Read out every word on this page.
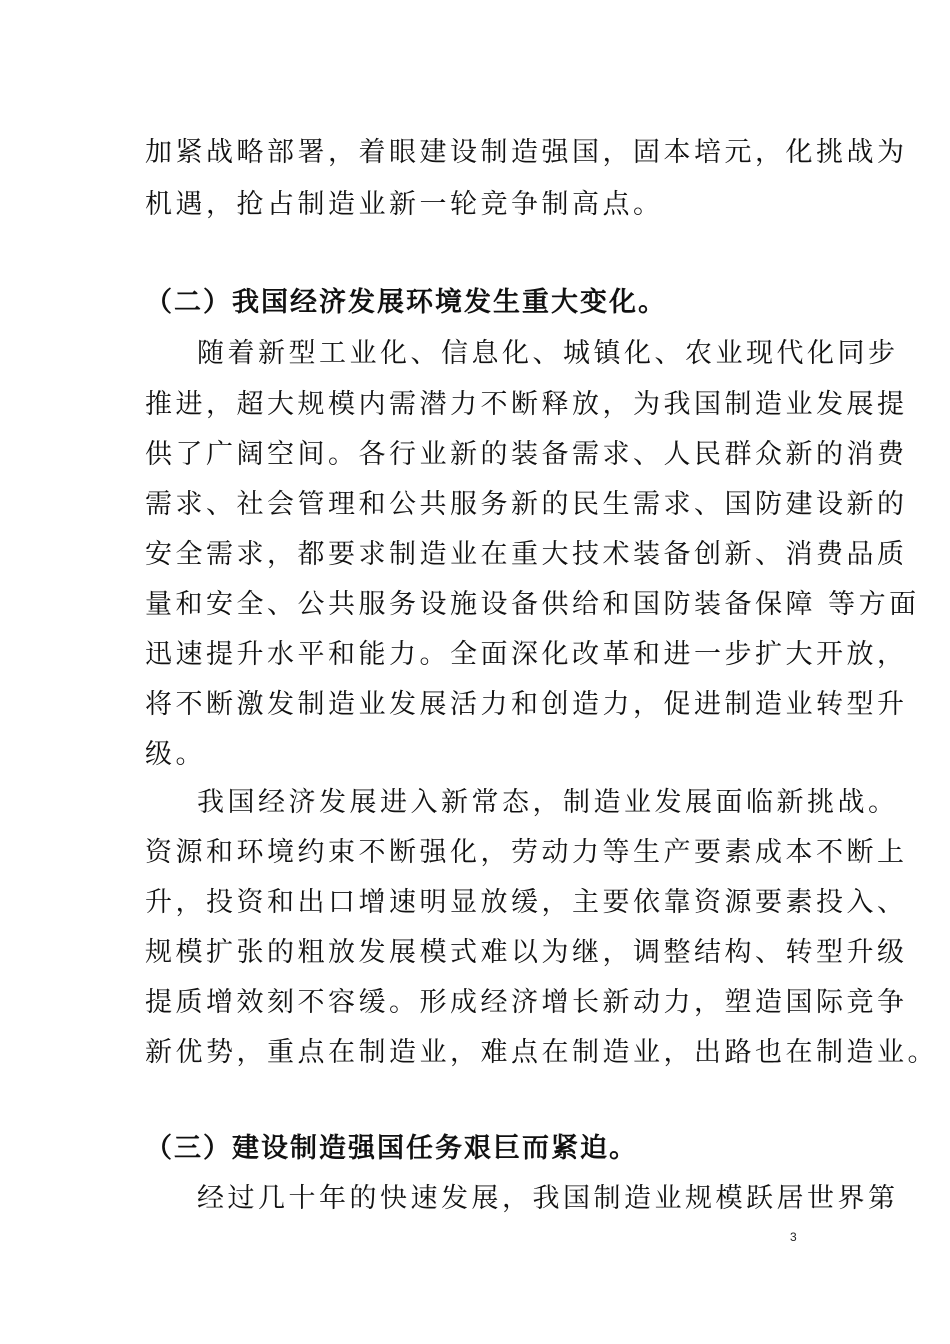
加紧战略部署，着眼建设制造强国，固本培元，化挑战为
机遇，抢占制造业新一轮竞争制高点。
（二）我国经济发展环境发生重大变化。
随着新型工业化、信息化、城镇化、农业现代化同步
推进，超大规模内需潜力不断释放，为我国制造业发展提
供了广阔空间。各行业新的装备需求、人民群众新的消费
需求、社会管理和公共服务新的民生需求、国防建设新的
安全需求，都要求制造业在重大技术装备创新、消费品质
量和安全、公共服务设施设备供给和国防装备保障 等方面
迅速提升水平和能力。全面深化改革和进一步扩大开放，
将不断激发制造业发展活力和创造力，促进制造业转型升
级。
我国经济发展进入新常态，制造业发展面临新挑战。
资源和环境约束不断强化，劳动力等生产要素成本不断上
升，投资和出口增速明显放缓，主要依靠资源要素投入、
规模扩张的粗放发展模式难以为继，调整结构、转型升级
提质增效刻不容缓。形成经济增长新动力，塑造国际竞争
新优势，重点在制造业，难点在制造业，出路也在制造业。
（三）建设制造强国任务艰巨而紧迫。
经过几十年的快速发展，我国制造业规模跃居世界第
3
